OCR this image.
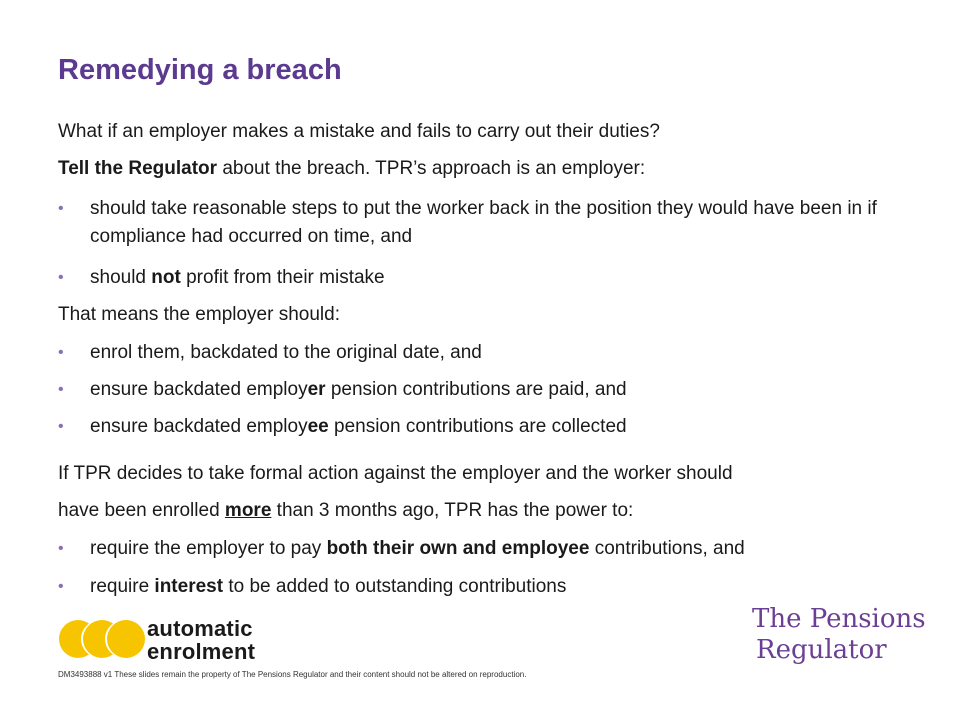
Remedying a breach
What if an employer makes a mistake and fails to carry out their duties?
Tell the Regulator about the breach. TPR’s approach is an employer:
• should take reasonable steps to put the worker back in the position they would have been in if compliance had occurred on time, and
• should not profit from their mistake
That means the employer should:
• enrol them, backdated to the original date, and
• ensure backdated employer pension contributions are paid, and
• ensure backdated employee pension contributions are collected
If TPR decides to take formal action against the employer and the worker should
have been enrolled more than 3 months ago, TPR has the power to:
• require the employer to pay both their own and employee contributions, and
• require interest to be added to outstanding contributions
automatic
enrolment
The Pensions
Regulator
DM3493888 v1 These slides remain the property of The Pensions Regulator and their content should not be altered on reproduction.
